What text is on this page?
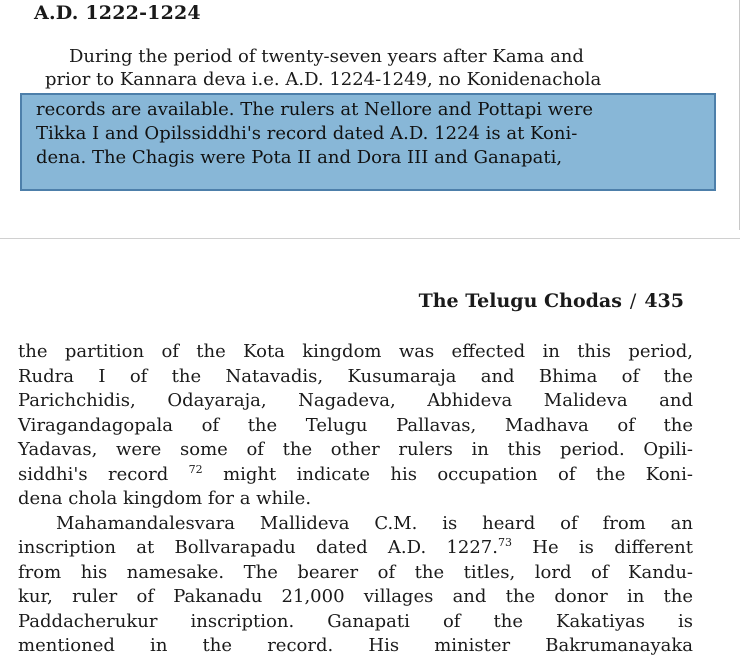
A.D. 1222-1224

During the period of twenty-seven years after Kama and

prior to Kannara deva i.e. A.D. 1224-1249, no Konidenachola

records are available. The rulers at Nellore and Pottapi were

Tikka I and Opilssiddhi's record dated A.D. 1224 is at Koni-

dena. The Chagis were Pota II and Dora III and Ganapati,

The Telugu Chodas / 435
the partition of the Kota kingdom was effected in this period,
Rudra I of the Natavadis, Kusumaraja and Bhima of the
Parichchidis, Odayaraja, Nagadeva, Abhideva Malideva and
Viragandagopala of the Telugu Pallavas, Madhava of the
Yadavas, were some of the other rulers in this period. Opili-
siddhi's record $^{72}$ might indicate his occupation of the Koni-
dena chola kingdom for a while.
Mahamandalesvara Mallideva C.M. is heard of from an
inscription at Bollvarapadu dated A.D. 1227.73 He is different
from his namesake. The bearer of the titles, lord of Kandu-
kur, ruler of Pakanadu 21,000 villages and the donor in the
Paddacherukur inscription. Ganapati of the Kakatiyas is
mentioned in the record. His minister Bakrumanayaka
